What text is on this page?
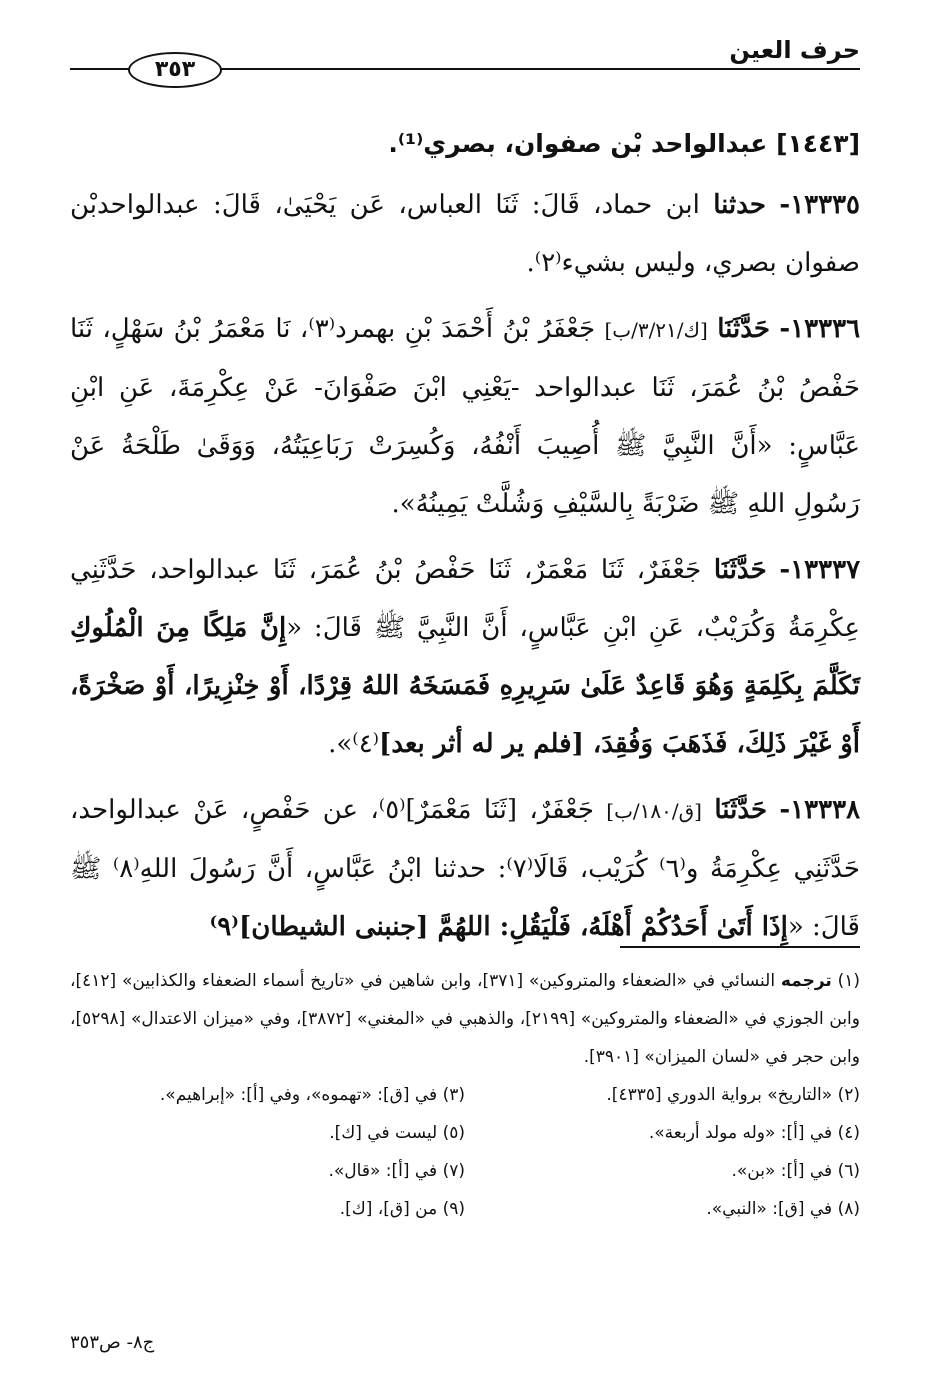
حرف العين
٣٥٣
[١٤٤٣] عبدالواحد بْن صفوان، بصري⁽¹⁾.

١٣٣٣٥- حدثنا ابن حماد، قَالَ: ثَنَا العباس، عَن يَحْيَىٰ، قَالَ: عبدالواحدبْن صفوان بصري، وليس بشيء⁽٢⁾.

١٣٣٣٦- حَدَّثَنَا [ك/٣/٢١/ب] جَعْفَرُ بْنُ أَحْمَدَ بْنِ بهمرد⁽٣⁾، نَا مَعْمَرُ بْنُ سَهْلٍ، ثَنَا حَفْصُ بْنُ عُمَرَ، ثَنَا عبدالواحد -يَعْنِي ابْنَ صَفْوَانَ- عَنْ عِكْرِمَةَ، عَنِ ابْنِ عَبَّاسٍ: «أَنَّ النَّبِيَّ ﷺ أُصِيبَ أَنْفُهُ، وَكُسِرَتْ رَبَاعِيَتُهُ، وَوَقَىٰ طَلْحَةُ عَنْ رَسُولِ اللهِ ﷺ ضَرْبَةً بِالسَّيْفِ وَشُلَّتْ يَمِينُهُ».

١٣٣٣٧- حَدَّثَنَا جَعْفَرٌ، ثَنَا مَعْمَرٌ، ثَنَا حَفْصُ بْنُ عُمَرَ، ثَنَا عبدالواحد، حَدَّثَنِي عِكْرِمَةُ وَكُرَيْبٌ، عَنِ ابْنِ عَبَّاسٍ، أَنَّ النَّبِيَّ ﷺ قَالَ: «إِنَّ مَلِكًا مِنَ الْمُلُوكِ تَكَلَّمَ بِكَلِمَةٍ وَهُوَ قَاعِدٌ عَلَىٰ سَرِيرِهِ فَمَسَخَهُ اللهُ قِرْدًا، أَوْ خِنْزِيرًا، أَوْ صَخْرَةً، أَوْ غَيْرَ ذَلِكَ، فَذَهَبَ وَفُقِدَ، [فلم ير له أثر بعد]⁽٤⁾».

١٣٣٣٨- حَدَّثَنَا [ق/١٨٠/ب] جَعْفَرٌ، [ثَنَا مَعْمَرٌ]⁽٥⁾، عن حَفْصٍ، عَنْ عبدالواحد، حَدَّثَنِي عِكْرِمَةُ و⁽٦⁾ كُرَيْب، قَالَا⁽٧⁾: حدثنا ابْنُ عَبَّاسٍ، أَنَّ رَسُولَ اللهِ⁽٨⁾ ﷺ قَالَ: «إِذَا أَتَىٰ أَحَدُكُمْ أَهْلَهُ، فَلْيَقُلِ: اللهُمَّ [جنبنى الشيطان]⁽٩⁾

(١) ترجمه النسائي في «الضعفاء والمتروكين» [٣٧١]، وابن شاهين في «تاريخ أسماء الضعفاء والكذابين» [٤١٢]، وابن الجوزي في «الضعفاء والمتروكين» [٢١٩٩]، والذهبي في «المغني» [٣٨٧٢]، وفي «ميزان الاعتدال» [٥٢٩٨]، وابن حجر في «لسان الميزان» [٣٩٠١].
(٢) «التاريخ» برواية الدوري [٤٣٣٥].
(٣) في [ق]: «تهموه»، وفي [أ]: «إبراهيم».
(٤) في [أ]: «وله مولد أربعة».
(٥) ليست في [ك].
(٦) في [أ]: «بن».
(٧) في [أ]: «قال».
(٨) في [ق]: «النبي».
(٩) من [ق]، [ك].
ج٨- ص٣٥٣
